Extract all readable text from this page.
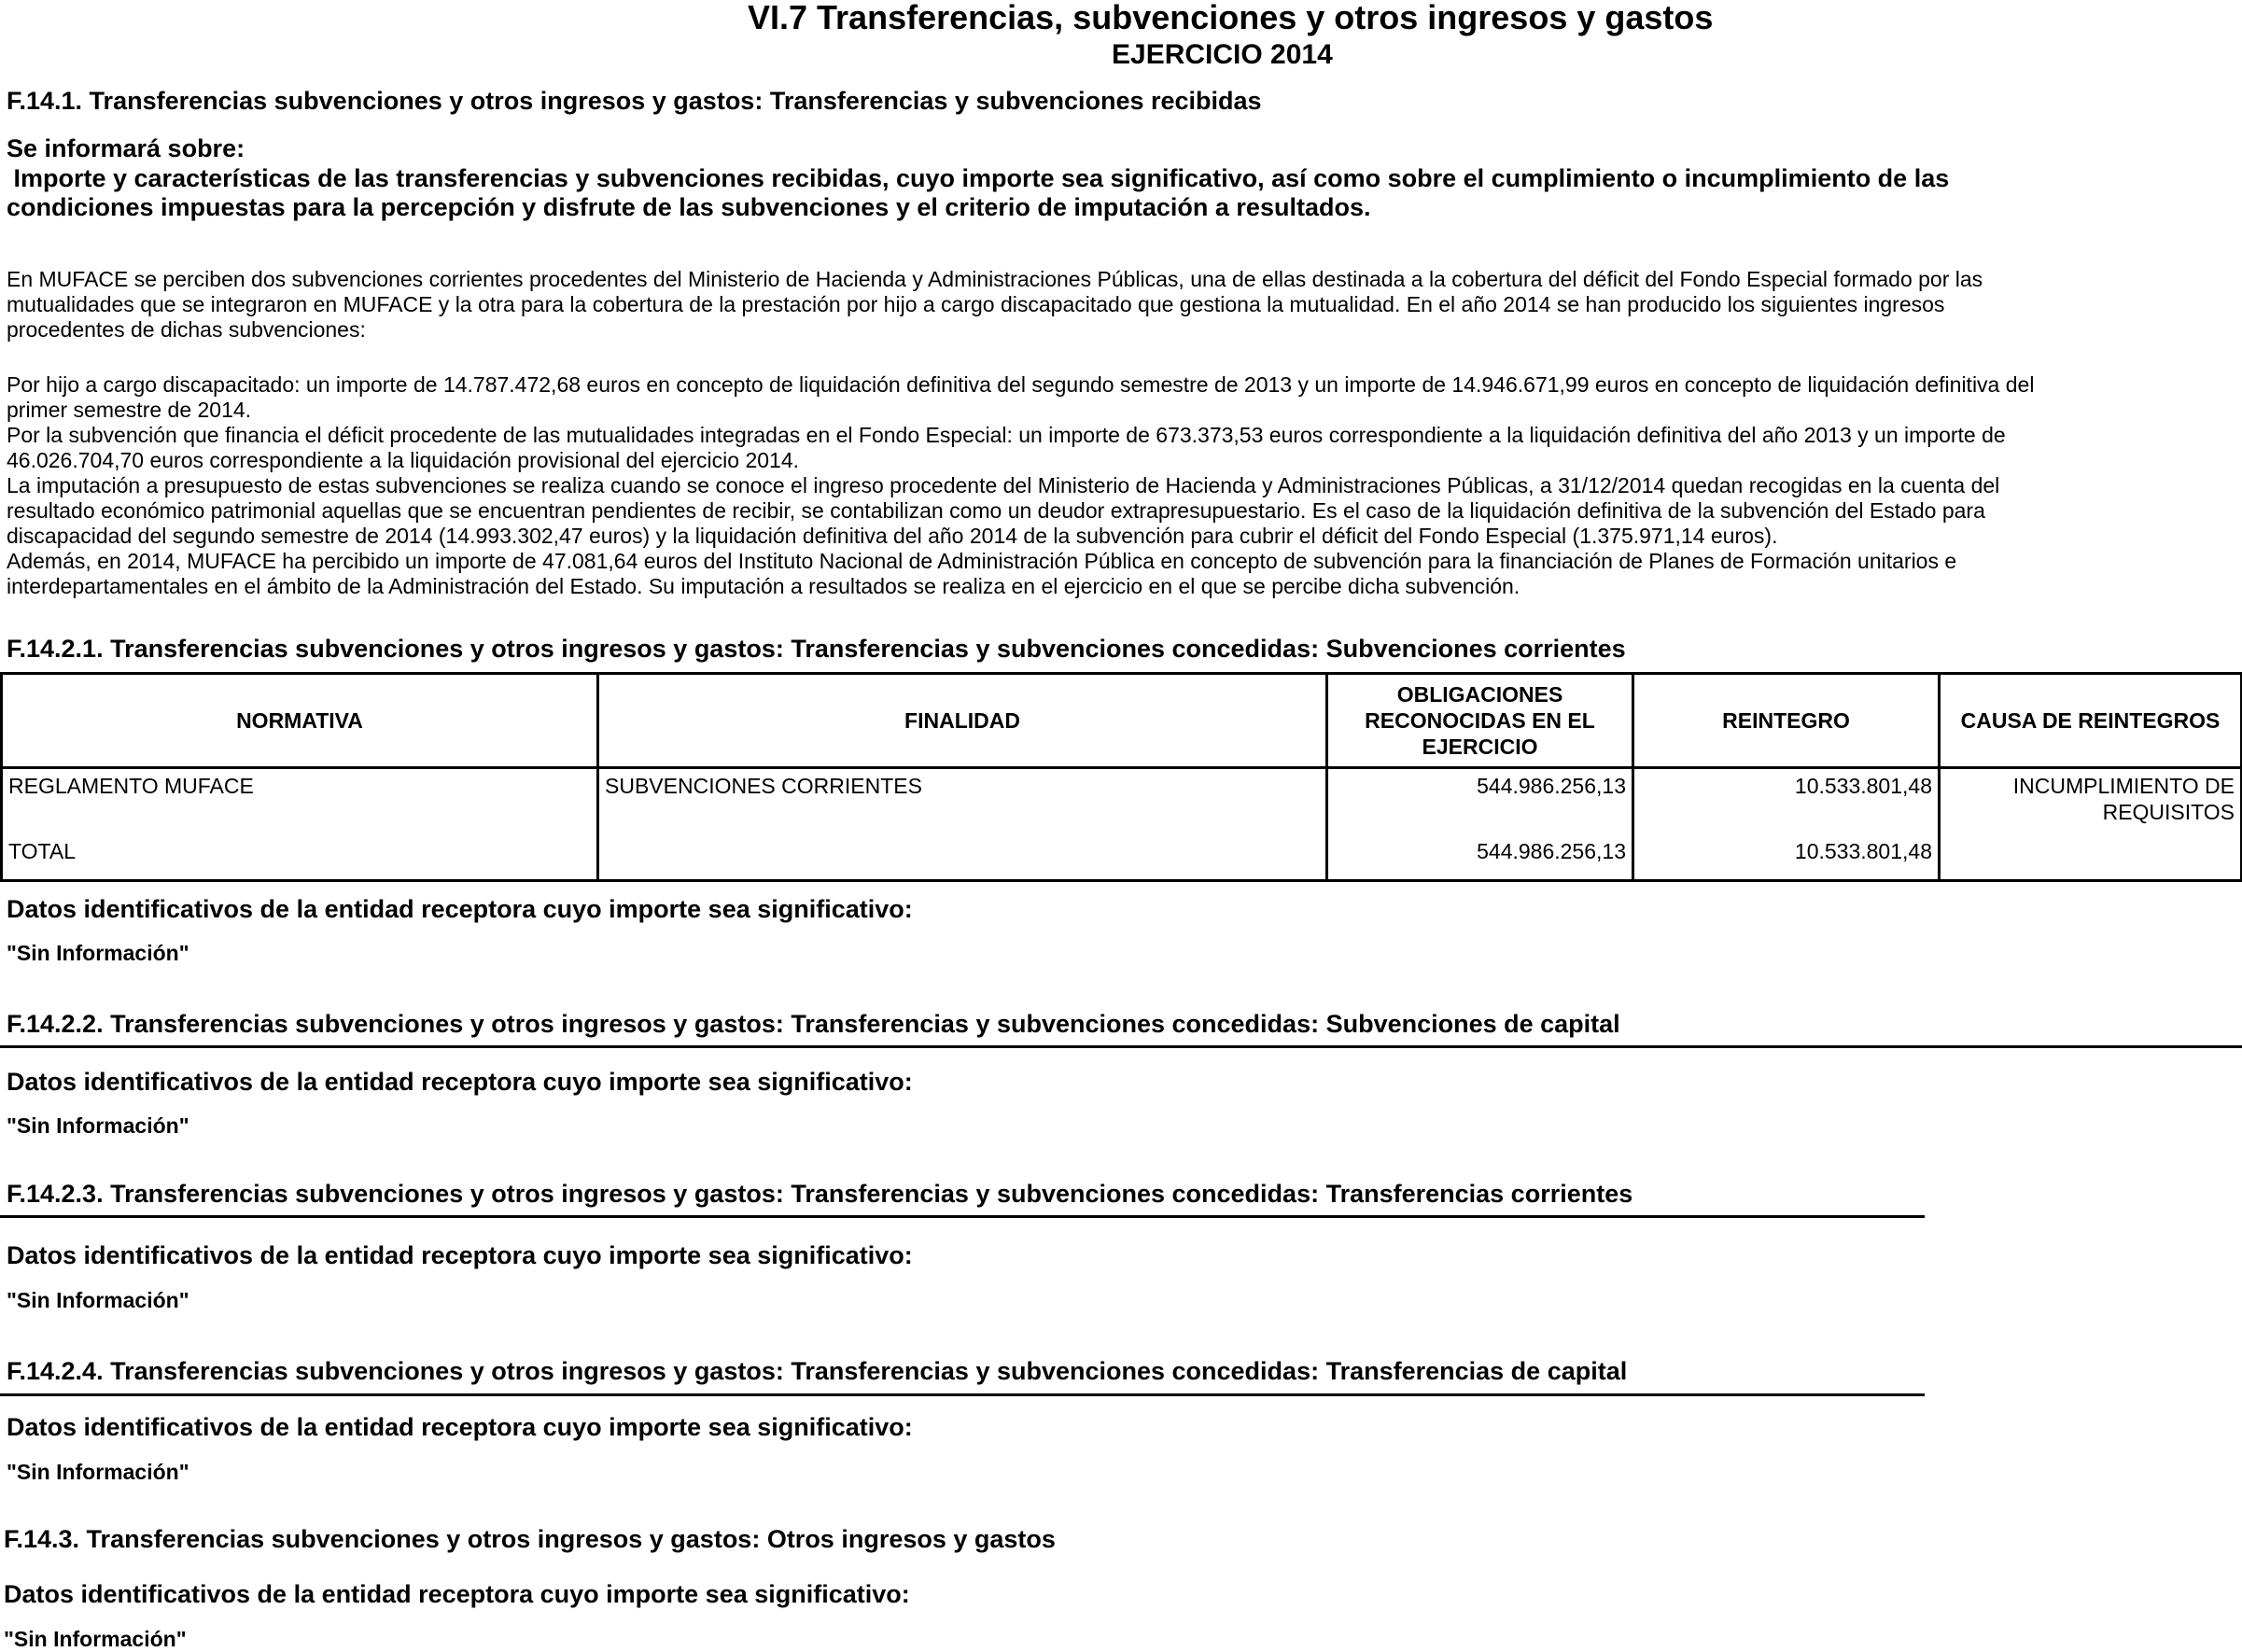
VI.7 Transferencias, subvenciones y otros ingresos y gastos
EJERCICIO 2014
F.14.1. Transferencias subvenciones y otros ingresos y gastos: Transferencias y subvenciones recibidas
Se informará sobre:
Importe y características de las transferencias y subvenciones recibidas, cuyo importe sea significativo, así como sobre el cumplimiento o incumplimiento de las
condiciones impuestas para la percepción y disfrute de las subvenciones y el criterio de imputación a resultados.
En MUFACE se perciben dos subvenciones corrientes procedentes del Ministerio de Hacienda y Administraciones Públicas, una de ellas destinada a la cobertura del déficit del Fondo Especial formado por las
mutualidades que se integraron en MUFACE y la otra para la cobertura de la prestación por hijo a cargo discapacitado que gestiona la mutualidad. En el año 2014 se han producido los siguientes ingresos
procedentes de dichas subvenciones:
Por hijo a cargo discapacitado: un importe de 14.787.472,68 euros en concepto de liquidación definitiva del segundo semestre de 2013 y un importe de 14.946.671,99 euros en concepto de liquidación definitiva del
primer semestre de 2014.
Por la subvención que financia el déficit procedente de las mutualidades integradas en el Fondo Especial: un importe de 673.373,53 euros correspondiente a la liquidación definitiva del año 2013 y un importe de
46.026.704,70 euros correspondiente a la liquidación provisional del ejercicio 2014.
La imputación a presupuesto de estas subvenciones se realiza cuando se conoce el ingreso procedente del Ministerio de Hacienda y Administraciones Públicas, a 31/12/2014 quedan recogidas en la cuenta del
resultado económico patrimonial aquellas que se encuentran pendientes de recibir, se contabilizan como un deudor extrapresupuestario. Es el caso de la liquidación definitiva de la subvención del Estado para
discapacidad del segundo semestre de 2014 (14.993.302,47 euros) y la liquidación definitiva del año 2014 de la subvención para cubrir el déficit del Fondo Especial (1.375.971,14 euros).
Además, en 2014, MUFACE ha percibido un importe de 47.081,64 euros del Instituto Nacional de Administración Pública en concepto de subvención para la financiación de Planes de Formación unitarios e
interdepartamentales en el ámbito de la Administración del Estado. Su imputación a resultados se realiza en el ejercicio en el que se percibe dicha subvención.
F.14.2.1. Transferencias subvenciones y otros ingresos y gastos: Transferencias y subvenciones concedidas: Subvenciones corrientes
NORMATIVA	FINALIDAD	OBLIGACIONES
RECONOCIDAS EN EL
EJERCICIO	REINTEGRO	CAUSA DE REINTEGROS
REGLAMENTO MUFACE	SUBVENCIONES CORRIENTES	544.986.256,13	10.533.801,48	INCUMPLIMIENTO DE
REQUISITOS

TOTAL		544.986.256,13	10.533.801,48	
Datos identificativos de la entidad receptora cuyo importe sea significativo:
"Sin Información"
F.14.2.2. Transferencias subvenciones y otros ingresos y gastos: Transferencias y subvenciones concedidas: Subvenciones de capital
Datos identificativos de la entidad receptora cuyo importe sea significativo:
"Sin Información"
F.14.2.3. Transferencias subvenciones y otros ingresos y gastos: Transferencias y subvenciones concedidas: Transferencias corrientes
Datos identificativos de la entidad receptora cuyo importe sea significativo:
"Sin Información"
F.14.2.4. Transferencias subvenciones y otros ingresos y gastos: Transferencias y subvenciones concedidas: Transferencias de capital
Datos identificativos de la entidad receptora cuyo importe sea significativo:
"Sin Información"
F.14.3. Transferencias subvenciones y otros ingresos y gastos: Otros ingresos y gastos
Datos identificativos de la entidad receptora cuyo importe sea significativo:
"Sin Información"
